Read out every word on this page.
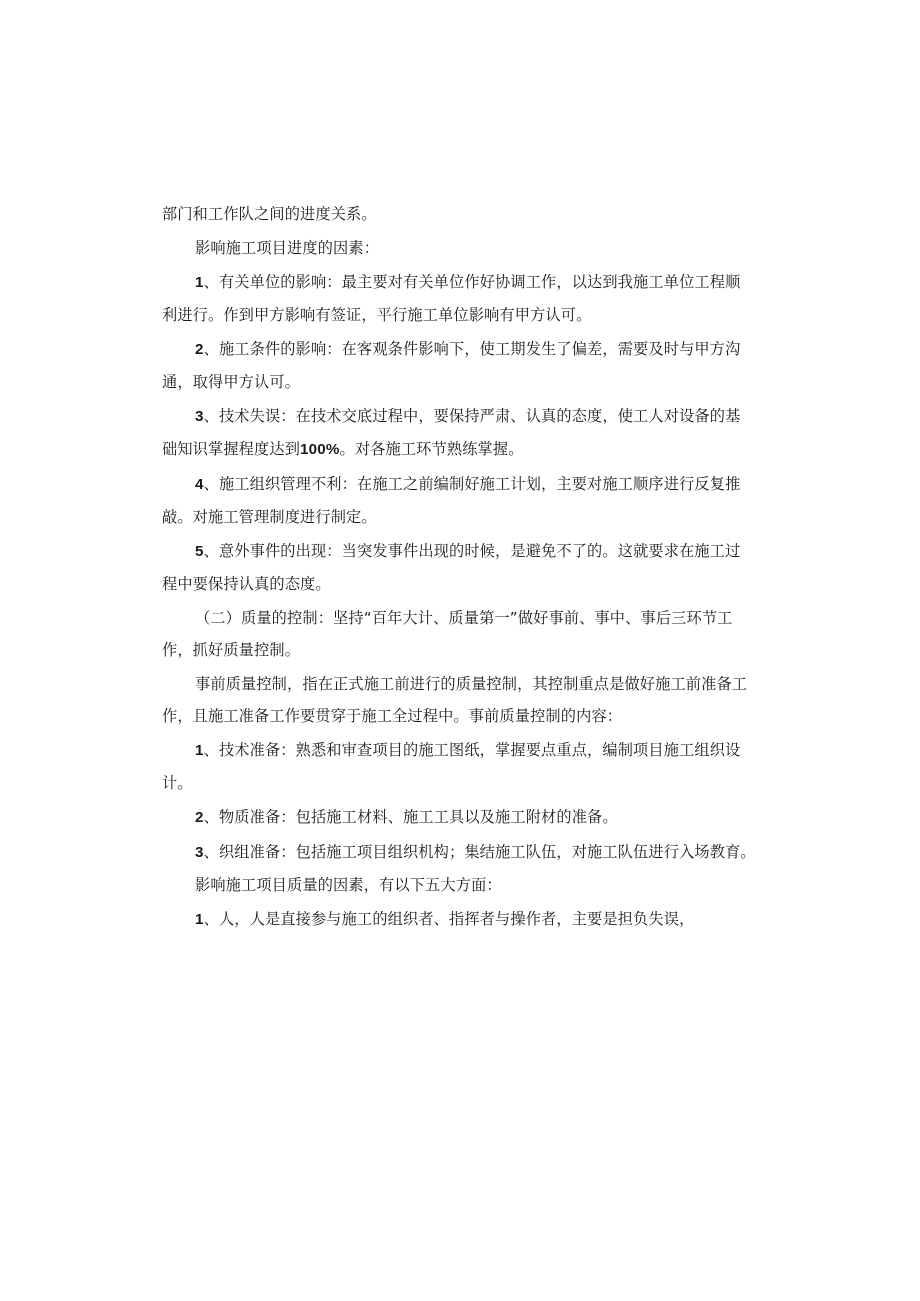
部门和工作队之间的进度关系。

影响施工项目进度的因素：

1、有关单位的影响：最主要对有关单位作好协调工作，以达到我施工单位工程顺

利进行。作到甲方影响有签证，平行施工单位影响有甲方认可。

2、施工条件的影响：在客观条件影响下，使工期发生了偏差，需要及时与甲方沟

通，取得甲方认可。

3、技术失误：在技术交底过程中，要保持严肃、认真的态度，使工人对设备的基

础知识掌握程度达到100%。对各施工环节熟练掌握。

4、施工组织管理不利：在施工之前编制好施工计划，主要对施工顺序进行反复推

敲。对施工管理制度进行制定。

5、意外事件的出现：当突发事件出现的时候，是避免不了的。这就要求在施工过

程中要保持认真的态度。

（二）质量的控制：坚持“百年大计、质量第一”做好事前、事中、事后三环节工

作，抓好质量控制。

事前质量控制，指在正式施工前进行的质量控制，其控制重点是做好施工前准备工

作，且施工准备工作要贯穿于施工全过程中。事前质量控制的内容：

1、技术准备：熟悉和审查项目的施工图纸，掌握要点重点，编制项目施工组织设

计。

2、物质准备：包括施工材料、施工工具以及施工附材的准备。

3、织组准备：包括施工项目组织机构；集结施工队伍，对施工队伍进行入场教育。

影响施工项目质量的因素，有以下五大方面：

1、人，人是直接参与施工的组织者、指挥者与操作者，主要是担负失误，
